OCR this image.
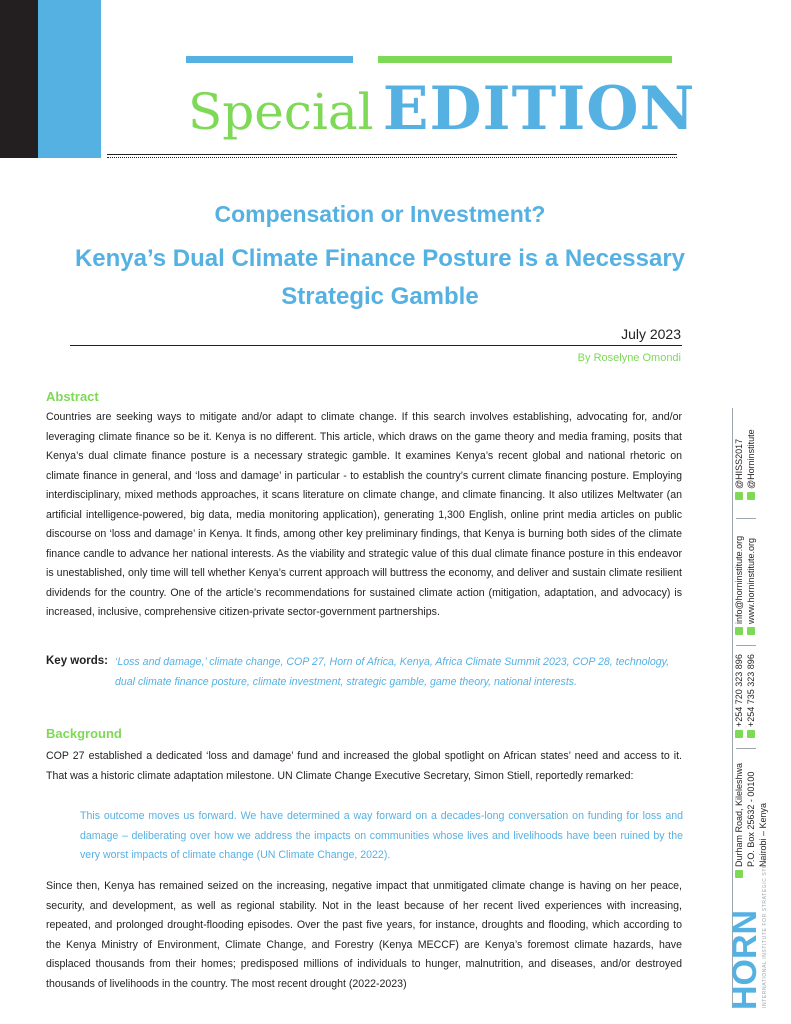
Special EDITION
Compensation or Investment?
Kenya’s Dual Climate Finance Posture is a Necessary Strategic Gamble
July 2023
By Roselyne Omondi
Abstract

Countries are seeking ways to mitigate and/or adapt to climate change. If this search involves establishing, advocating for, and/or leveraging climate finance so be it. Kenya is no different. This article, which draws on the game theory and media framing, posits that Kenya’s dual climate finance posture is a necessary strategic gamble. It examines Kenya’s recent global and national rhetoric on climate finance in general, and ‘loss and damage’ in particular - to establish the country’s current climate financing posture. Employing interdisciplinary, mixed methods approaches, it scans literature on climate change, and climate financing. It also utilizes Meltwater (an artificial intelligence-powered, big data, media monitoring application), generating 1,300 English, online print media articles on public discourse on ‘loss and damage’ in Kenya. It finds, among other key preliminary findings, that Kenya is burning both sides of the climate finance candle to advance her national interests. As the viability and strategic value of this dual climate finance posture in this endeavor is unestablished, only time will tell whether Kenya’s current approach will buttress the economy, and deliver and sustain climate resilient dividends for the country. One of the article’s recommendations for sustained climate action (mitigation, adaptation, and advocacy) is increased, inclusive, comprehensive citizen-private sector-government partnerships.

Key words: ‘Loss and damage,’ climate change, COP 27, Horn of Africa, Kenya, Africa Climate Summit 2023, COP 28, technology, dual climate finance posture, climate investment, strategic gamble, game theory, national interests.

Background

COP 27 established a dedicated ‘loss and damage’ fund and increased the global spotlight on African states’ need and access to it. That was a historic climate adaptation milestone. UN Climate Change Executive Secretary, Simon Stiell, reportedly remarked:

This outcome moves us forward. We have determined a way forward on a decades-long conversation on funding for loss and damage – deliberating over how we address the impacts on communities whose lives and livelihoods have been ruined by the very worst impacts of climate change (UN Climate Change, 2022).

Since then, Kenya has remained seized on the increasing, negative impact that unmitigated climate change is having on her peace, security, and development, as well as regional stability. Not in the least because of her recent lived experiences with increasing, repeated, and prolonged drought-flooding episodes. Over the past five years, for instance, droughts and flooding, which according to the Kenya Ministry of Environment, Climate Change, and Forestry (Kenya MECCF) are Kenya’s foremost climate hazards, have displaced thousands from their homes; predisposed millions of individuals to hunger, malnutrition, and diseases, and/or destroyed thousands of livelihoods in the country. The most recent drought (2022-2023)

@HISS2017 @Horninstitute
info@horninstitute.org www.horninstitute.org
+254 720 323 896 +254 735 323 896
Durham Road, Kileleshwa P.O. Box 25632 - 00100 Nairobi – Kenya
HORN
INTERNATIONAL INSTITUTE FOR STRATEGIC STUDIES
